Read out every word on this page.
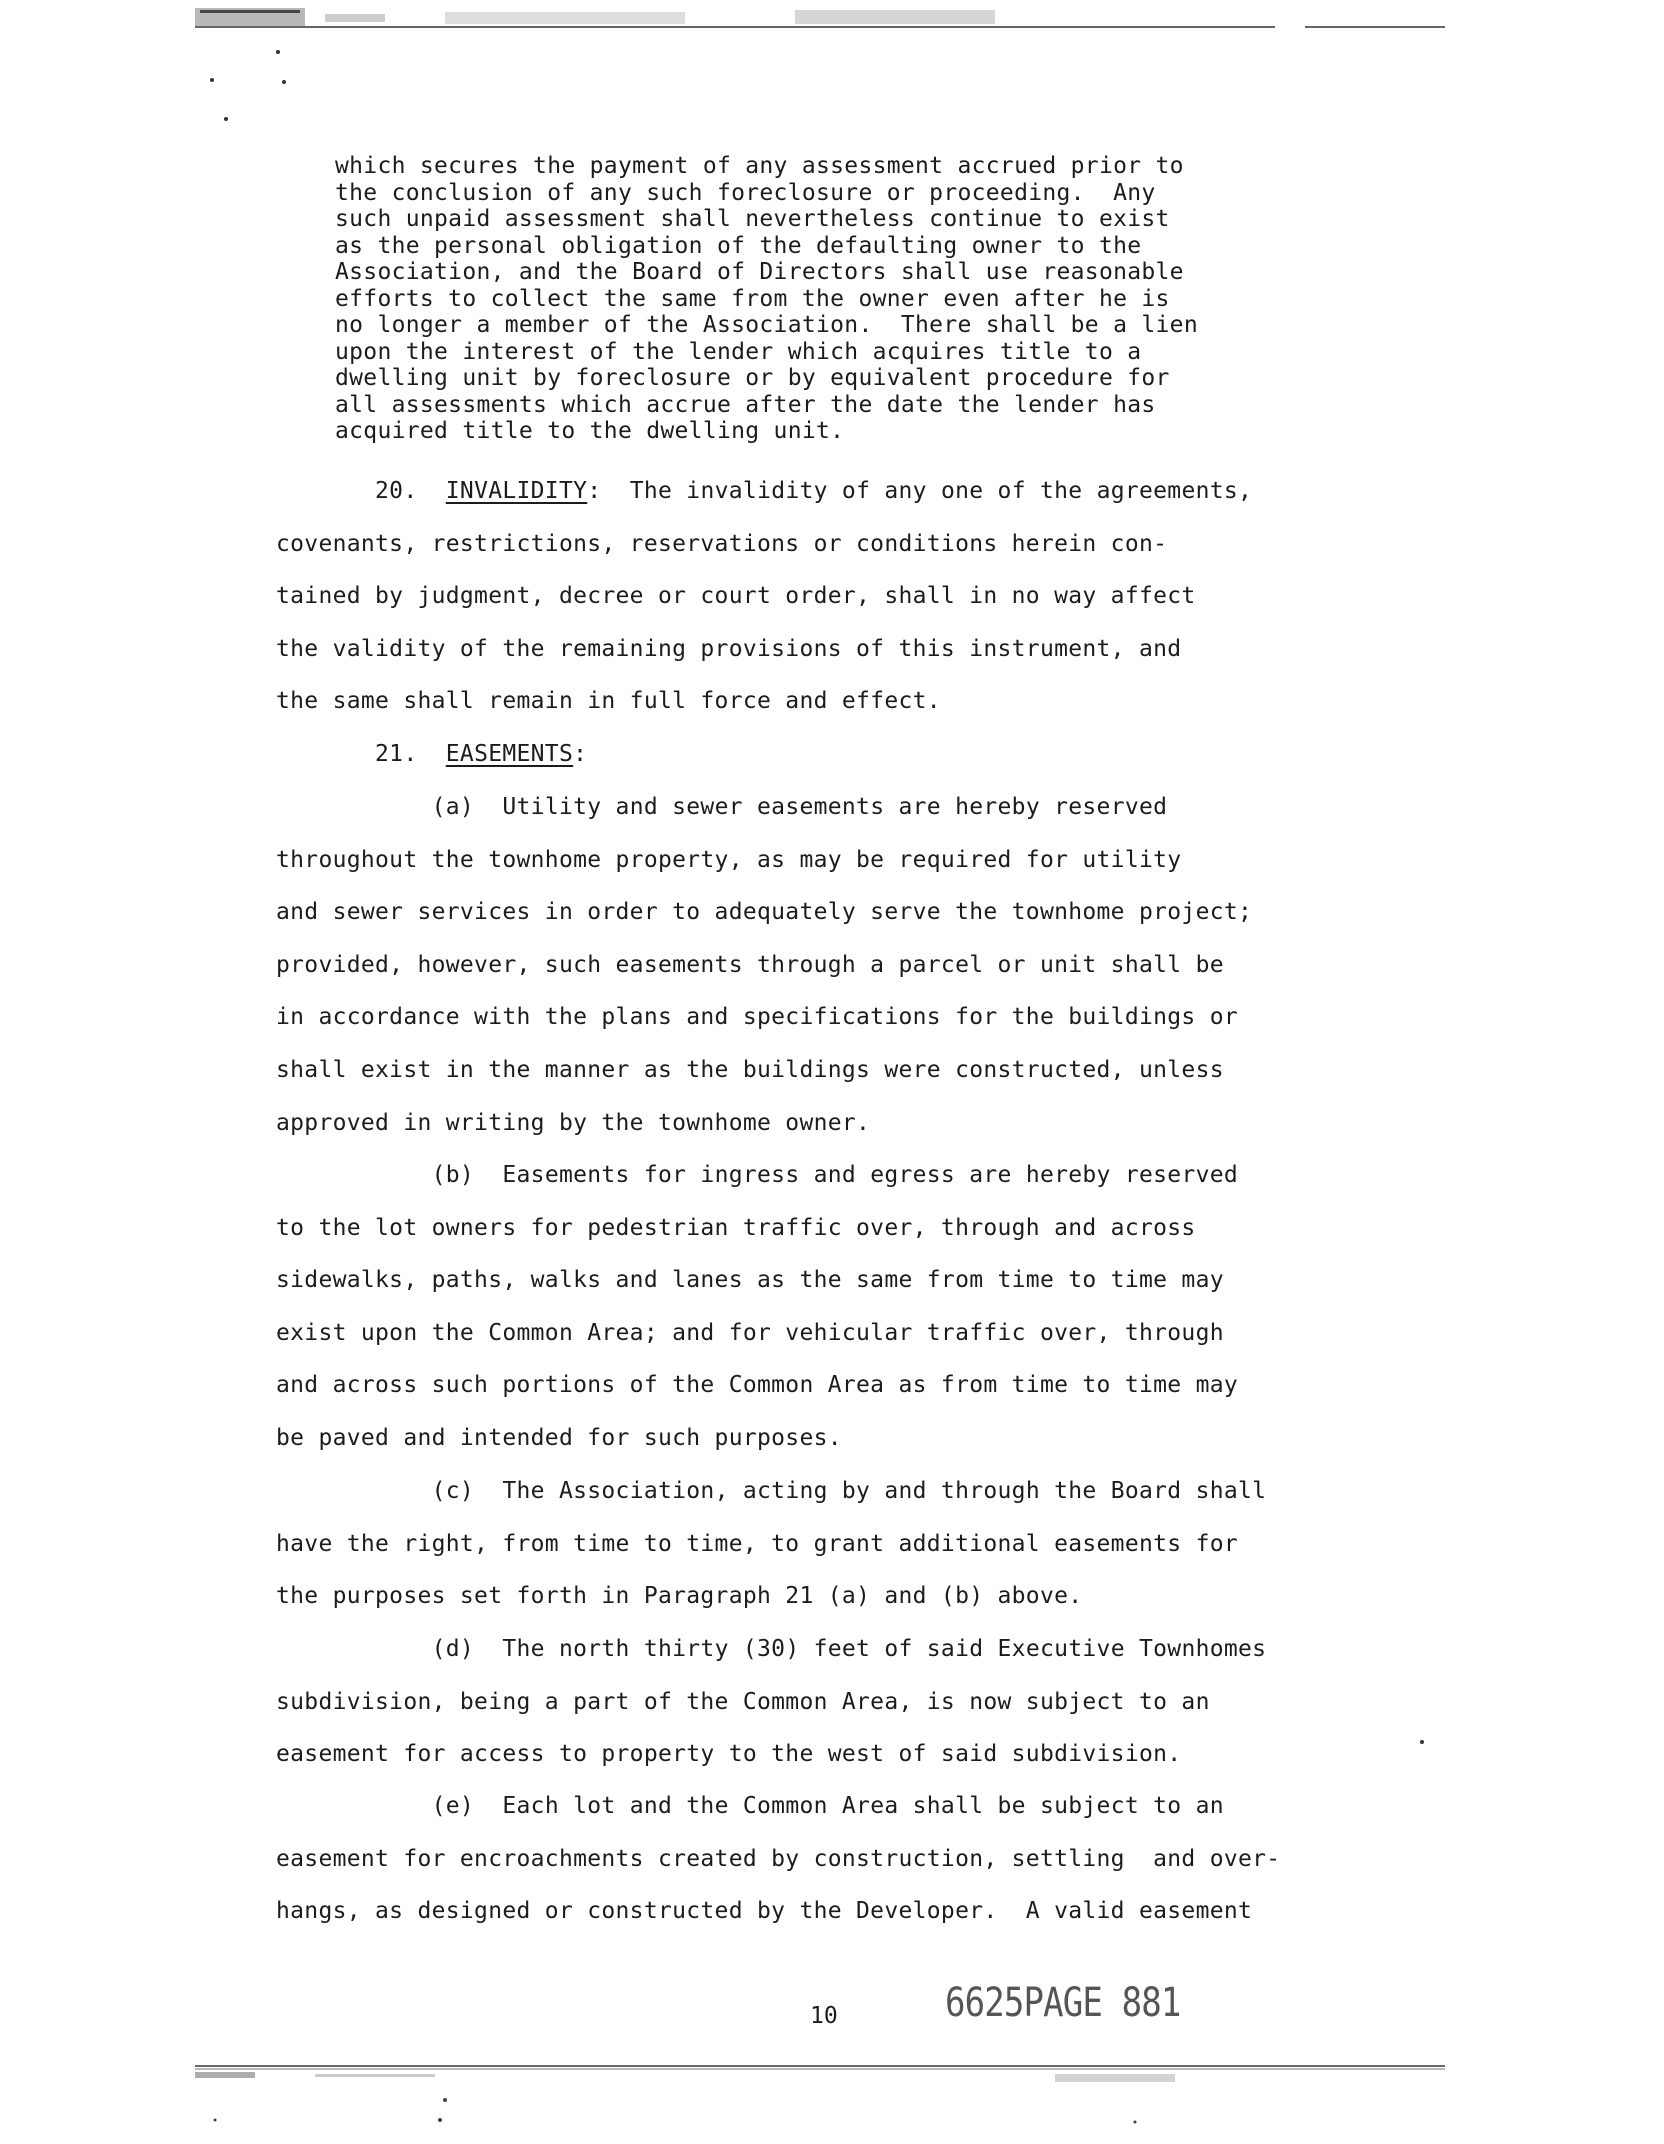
which secures the payment of any assessment accrued prior to
the conclusion of any such foreclosure or proceeding.  Any
such unpaid assessment shall nevertheless continue to exist
as the personal obligation of the defaulting owner to the
Association, and the Board of Directors shall use reasonable
efforts to collect the same from the owner even after he is
no longer a member of the Association.  There shall be a lien
upon the interest of the lender which acquires title to a
dwelling unit by foreclosure or by equivalent procedure for
all assessments which accrue after the date the lender has
acquired title to the dwelling unit.
20. INVALIDITY:  The invalidity of any one of the agreements,
covenants, restrictions, reservations or conditions herein con-
tained by judgment, decree or court order, shall in no way affect
the validity of the remaining provisions of this instrument, and
the same shall remain in full force and effect.
21. EASEMENTS:
(a) Utility and sewer easements are hereby reserved
throughout the townhome property, as may be required for utility
and sewer services in order to adequately serve the townhome project;
provided, however, such easements through a parcel or unit shall be
in accordance with the plans and specifications for the buildings or
shall exist in the manner as the buildings were constructed, unless
approved in writing by the townhome owner.
(b) Easements for ingress and egress are hereby reserved
to the lot owners for pedestrian traffic over, through and across
sidewalks, paths, walks and lanes as the same from time to time may
exist upon the Common Area; and for vehicular traffic over, through
and across such portions of the Common Area as from time to time may
be paved and intended for such purposes.
(c) The Association, acting by and through the Board shall
have the right, from time to time, to grant additional easements for
the purposes set forth in Paragraph 21 (a) and (b) above.
(d) The north thirty (30) feet of said Executive Townhomes
subdivision, being a part of the Common Area, is now subject to an
easement for access to property to the west of said subdivision.
(e) Each lot and the Common Area shall be subject to an
easement for encroachments created by construction, settling  and over-
hangs, as designed or constructed by the Developer.  A valid easement
10	6625PAGE 881
